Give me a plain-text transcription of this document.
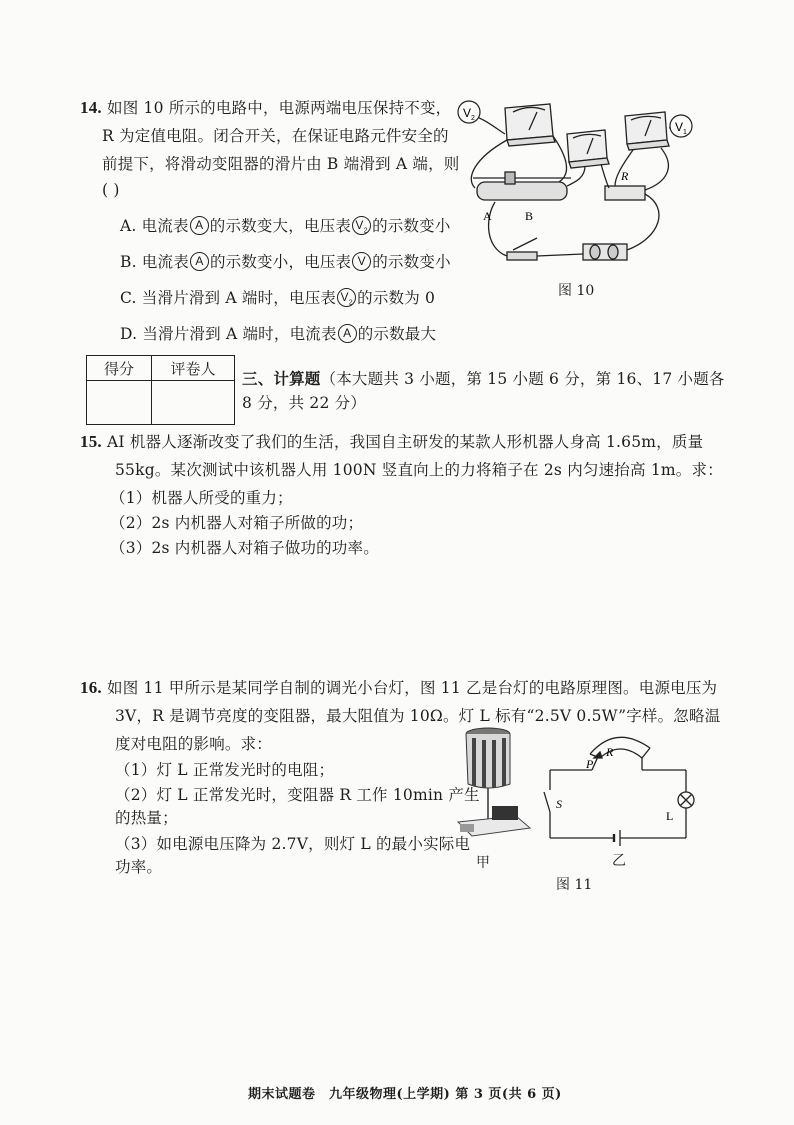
14. 如图 10 所示的电路中，电源两端电压保持不变，
R 为定值电阻。闭合开关，在保证电路元件安全的
前提下，将滑动变阻器的滑片由 B 端滑到 A 端，则
( )
A. 电流表 A 的示数变大，电压表 $V_2$ 的示数变小
B. 电流表 A 的示数变小，电压表 V 的示数变小
C. 当滑片滑到 A 端时，电压表 $V_2$ 的示数为 0
D. 当滑片滑到 A 端时，电流表 A 的示数最大
V 2
V 1
R
A	B
图 10
得分	评卷人

三、计算题（本大题共 3 小题，第 15 小题 6 分，第 16、17 小题各
8 分，共 22 分）
15. AI 机器人逐渐改变了我们的生活，我国自主研发的某款人形机器人身高 1.65m，质量
55kg。某次测试中该机器人用 100N 竖直向上的力将箱子在 2s 内匀速抬高 1m。求：
（1）机器人所受的重力；
（2）2s 内机器人对箱子所做的功；
（3）2s 内机器人对箱子做功的功率。
16. 如图 11 甲所示是某同学自制的调光小台灯，图 11 乙是台灯的电路原理图。电源电压为
3V，R 是调节亮度的变阻器，最大阻值为 10Ω。灯 L 标有“2.5V 0.5W”字样。忽略温
度对电阻的影响。求：
（1）灯 L 正常发光时的电阻；
（2）灯 L 正常发光时，变阻器 R 工作 10min 产生
的热量；
（3）如电源电压降为 2.7V，则灯 L 的最小实际电
功率。	甲
P
R
S
L
乙
图 11
期末试题卷　九年级物理(上学期) 第 3 页(共 6 页)
